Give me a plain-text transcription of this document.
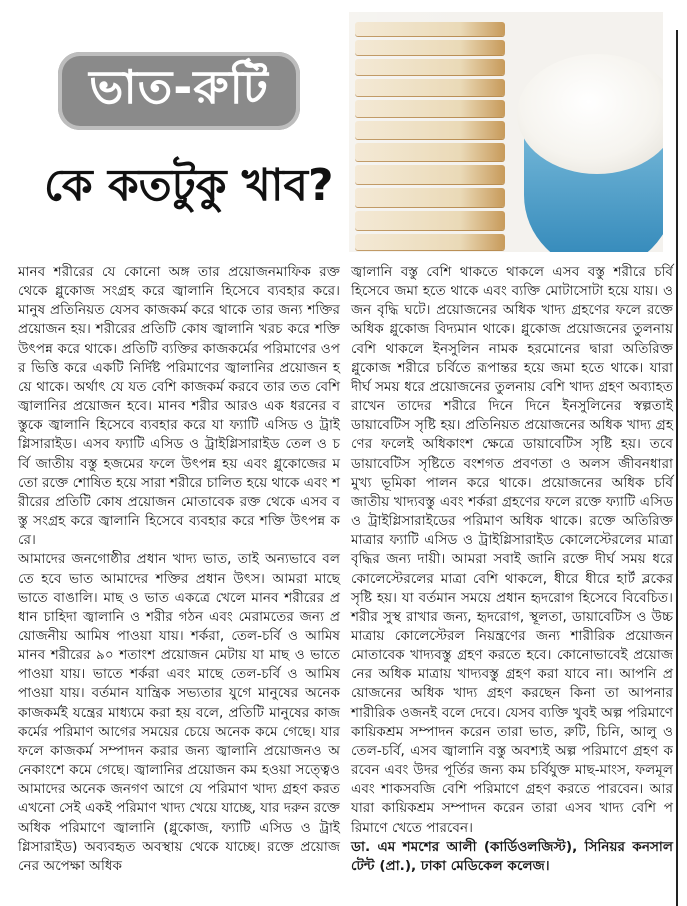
ভাত-রুটি
কে কতটুকু খাব?

মানব শরীরের যে কোনো অঙ্গ তার প্রয়োজনমাফিক রক্ত থেকে গ্লুকোজ সংগ্রহ করে জ্বালানি হিসেবে ব্যবহার করে। মানুষ প্রতিনিয়ত যেসব কাজকর্ম করে থাকে তার জন্য শক্তির প্রয়োজন হয়। শরীরের প্রতিটি কোষ জ্বালানি খরচ করে শক্তি উৎপন্ন করে থাকে। প্রতিটি ব্যক্তির কাজকর্মের পরিমাণের ওপর ভিত্তি করে একটি নির্দিষ্ট পরিমাণের জ্বালানির প্রয়োজন হয়ে থাকে। অর্থাৎ যে যত বেশি কাজকর্ম করবে তার তত বেশি জ্বালানির প্রয়োজন হবে। মানব শরীর আরও এক ধরনের বস্তুকে জ্বালানি হিসেবে ব্যবহার করে যা ফ্যাটি এসিড ও ট্রাইগ্লিসারাইড। এসব ফ্যাটি এসিড ও ট্রাইগ্লিসারাইড তেল ও চর্বি জাতীয় বস্তু হজমের ফলে উৎপন্ন হয় এবং গ্লুকোজের মতো রক্তে শোষিত হয়ে সারা শরীরে চালিত হয়ে থাকে এবং শরীরের প্রতিটি কোষ প্রয়োজন মোতাবেক রক্ত থেকে এসব বস্তু সংগ্রহ করে জ্বালানি হিসেবে ব্যবহার করে শক্তি উৎপন্ন করে।

আমাদের জনগোষ্ঠীর প্রধান খাদ্য ভাত, তাই অন্যভাবে বলতে হবে ভাত আমাদের শক্তির প্রধান উৎস। আমরা মাছে ভাতে বাঙালি। মাছ ও ভাত একত্রে খেলে মানব শরীরের প্রধান চাহিদা জ্বালানি ও শরীর গঠন এবং মেরামতের জন্য প্রয়োজনীয় আমিষ পাওয়া যায়। শর্করা, তেল-চর্বি ও আমিষ মানব শরীরের ৯০ শতাংশ প্রয়োজন মেটায় যা মাছ ও ভাতে পাওয়া যায়। ভাতে শর্করা এবং মাছে তেল-চর্বি ও আমিষ পাওয়া যায়। বর্তমান যান্ত্রিক সভ্যতার যুগে মানুষের অনেক কাজকর্মই যন্ত্রের মাধ্যমে করা হয় বলে, প্রতিটি মানুষের কাজ কর্মের পরিমাণ আগের সময়ের চেয়ে অনেক কমে গেছে। যার ফলে কাজকর্ম সম্পাদন করার জন্য জ্বালানি প্রয়োজনও অনেকাংশে কমে গেছে। জ্বালানির প্রয়োজন কম হওয়া সত্ত্বেও আমাদের অনেক জনগণ আগে যে পরিমাণ খাদ্য গ্রহণ করত এখনো সেই একই পরিমাণ খাদ্য খেয়ে যাচ্ছে, যার দরুন রক্তে অধিক পরিমাণে জ্বালানি (গ্লুকোজ, ফ্যাটি এসিড ও ট্রাইগ্লিসারাইড) অব্যবহৃত অবস্থায় থেকে যাচ্ছে। রক্তে প্রয়োজনের অপেক্ষা অধিক

জ্বালানি বস্তু বেশি থাকতে থাকলে এসব বস্তু শরীরে চর্বি হিসেবে জমা হতে থাকে এবং ব্যক্তি মোটাসোটা হয়ে যায়। ওজন বৃদ্ধি ঘটে। প্রয়োজনের অধিক খাদ্য গ্রহণের ফলে রক্তে অধিক গ্লুকোজ বিদ্যমান থাকে। গ্লুকোজ প্রয়োজনের তুলনায় বেশি থাকলে ইনসুলিন নামক হরমোনের দ্বারা অতিরিক্ত গ্লুকোজ শরীরে চর্বিতে রূপান্তর হয়ে জমা হতে থাকে। যারা দীর্ঘ সময় ধরে প্রয়োজনের তুলনায় বেশি খাদ্য গ্রহণ অব্যাহত রাখেন তাদের শরীরে দিনে দিনে ইনসুলিনের স্বল্পতাই ডায়াবেটিস সৃষ্টি হয়। প্রতিনিয়ত প্রয়োজনের অধিক খাদ্য গ্রহণের ফলেই অধিকাংশ ক্ষেত্রে ডায়াবেটিস সৃষ্টি হয়। তবে ডায়াবেটিস সৃষ্টিতে বংশগত প্রবণতা ও অলস জীবনধারা মুখ্য ভূমিকা পালন করে থাকে। প্রয়োজনের অধিক চর্বি জাতীয় খাদ্যবস্তু এবং শর্করা গ্রহণের ফলে রক্তে ফ্যাটি এসিড ও ট্রাইগ্লিসারাইডের পরিমাণ অধিক থাকে। রক্তে অতিরিক্ত মাত্রার ফ্যাটি এসিড ও ট্রাইগ্লিসারাইড কোলেস্টেরলের মাত্রা বৃদ্ধির জন্য দায়ী। আমরা সবাই জানি রক্তে দীর্ঘ সময় ধরে কোলেস্টেরলের মাত্রা বেশি থাকলে, ধীরে ধীরে হার্ট ব্লকের সৃষ্টি হয়। যা বর্তমান সময়ে প্রধান হৃদরোগ হিসেবে বিবেচিত। শরীর সুস্থ রাখার জন্য, হৃদরোগ, স্থূলতা, ডায়াবেটিস ও উচ্চমাত্রায় কোলেস্টেরল নিয়ন্ত্রণের জন্য শারীরিক প্রয়োজন মোতাবেক খাদ্যবস্তু গ্রহণ করতে হবে। কোনোভাবেই প্রয়োজনের অধিক মাত্রায় খাদ্যবস্তু গ্রহণ করা যাবে না। আপনি প্রয়োজনের অধিক খাদ্য গ্রহণ করছেন কিনা তা আপনার শারীরিক ওজনই বলে দেবে। যেসব ব্যক্তি খুবই অল্প পরিমাণে কায়িকশ্রম সম্পাদন করেন তারা ভাত, রুটি, চিনি, আলু ও তেল-চর্বি, এসব জ্বালানি বস্তু অবশ্যই অল্প পরিমাণে গ্রহণ করবেন এবং উদর পূর্তির জন্য কম চর্বিযুক্ত মাছ-মাংস, ফলমূল এবং শাকসবজি বেশি পরিমাণে গ্রহণ করতে পারবেন। আর যারা কায়িকশ্রম সম্পাদন করেন তারা এসব খাদ্য বেশি পরিমাণে খেতে পারবেন।

ডা. এম শমশের আলী (কার্ডিওলজিস্ট), সিনিয়র কনসালটেন্ট (প্রা.), ঢাকা মেডিকেল কলেজ।
